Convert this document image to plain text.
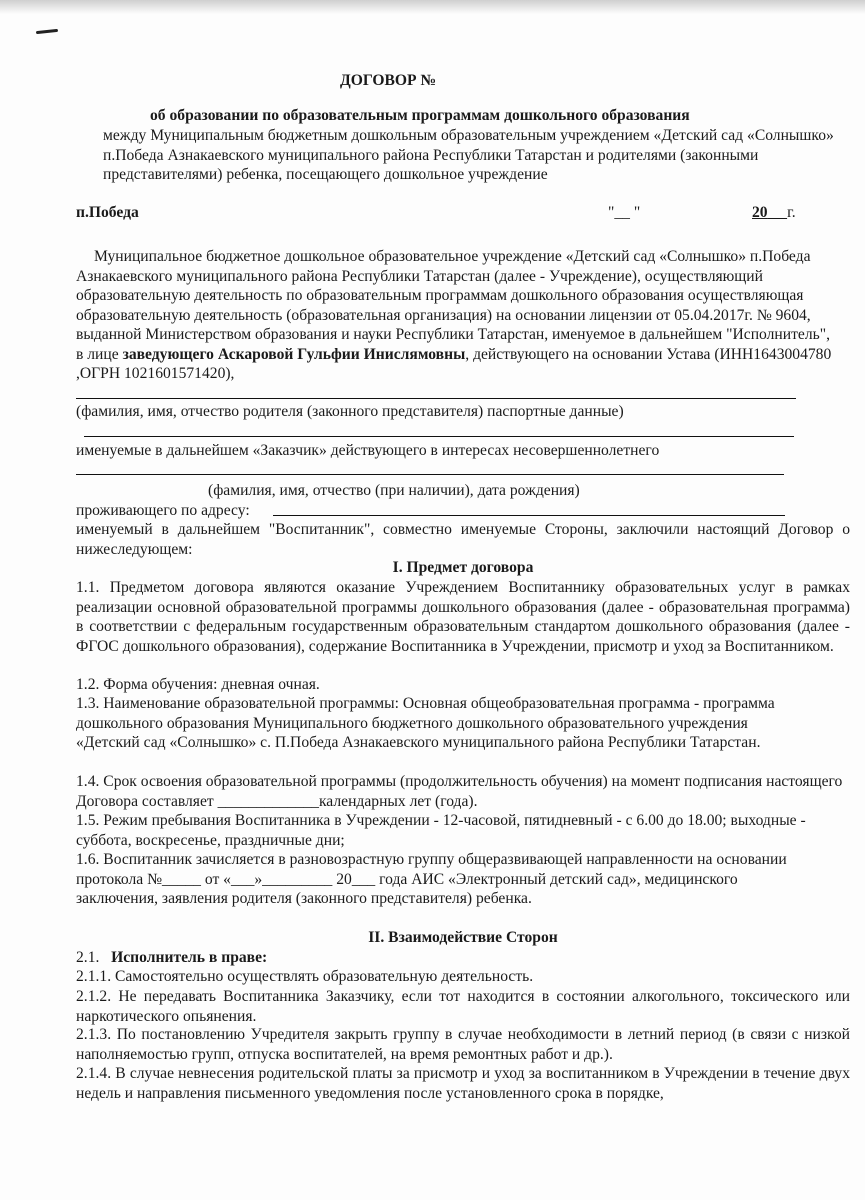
ДОГОВОР №
об образовании по образовательным программам дошкольного образования
между Муниципальным бюджетным дошкольным образовательным учреждением «Детский сад «Солнышко» п.Победа Азнакаевского муниципального района Республики Татарстан и родителями (законными представителями) ребенка, посещающего дошкольное учреждение
п.Победа	"__ "	20 г.
Муниципальное бюджетное дошкольное образовательное учреждение «Детский сад «Солнышко» п.Победа Азнакаевского муниципального района Республики Татарстан (далее - Учреждение), осуществляющий образовательную деятельность по образовательным программам дошкольного образования осуществляющая образовательную деятельность (образовательная организация) на основании лицензии от 05.04.2017г. № 9604, выданной Министерством образования и науки Республики Татарстан, именуемое в дальнейшем "Исполнитель", в лице заведующего Аскаровой Гульфии Инислямовны, действующего на основании Устава (ИНН1643004780 ,ОГРН 1021601571420),
(фамилия, имя, отчество родителя (законного представителя) паспортные данные)
именуемые в дальнейшем «Заказчик» действующего в интересах несовершеннолетнего
(фамилия, имя, отчество (при наличии), дата рождения)
проживающего по адресу:
именуемый в дальнейшем "Воспитанник", совместно именуемые Стороны, заключили настоящий Договор о нижеследующем:
I. Предмет договора
1.1. Предметом договора являются оказание Учреждением Воспитаннику образовательных услуг в рамках реализации основной образовательной программы дошкольного образования (далее - образовательная программа) в соответствии с федеральным государственным образовательным стандартом дошкольного образования (далее - ФГОС дошкольного образования), содержание Воспитанника в Учреждении, присмотр и уход за Воспитанником.
1.2. Форма обучения: дневная очная.
1.3. Наименование образовательной программы: Основная общеобразовательная программа - программа дошкольного образования Муниципального бюджетного дошкольного образовательного учреждения «Детский сад «Солнышко» с. П.Победа Азнакаевского муниципального района Республики Татарстан.
1.4. Срок освоения образовательной программы (продолжительность обучения) на момент подписания настоящего Договора составляет _____________календарных лет (года).
1.5. Режим пребывания Воспитанника в Учреждении - 12-часовой, пятидневный - с 6.00 до 18.00; выходные - суббота, воскресенье, праздничные дни;
1.6. Воспитанник зачисляется в разновозрастную группу общеразвивающей направленности на основании протокола №_____ от «___»_________ 20___ года АИС «Электронный детский сад», медицинского заключения, заявления родителя (законного представителя) ребенка.
II. Взаимодействие Сторон
2.1. Исполнитель в праве:
2.1.1. Самостоятельно осуществлять образовательную деятельность.
2.1.2. Не передавать Воспитанника Заказчику, если тот находится в состоянии алкогольного, токсического или наркотического опьянения.
2.1.3. По постановлению Учредителя закрыть группу в случае необходимости в летний период (в связи с низкой наполняемостью групп, отпуска воспитателей, на время ремонтных работ и др.).
2.1.4. В случае невнесения родительской платы за присмотр и уход за воспитанником в Учреждении в течение двух недель и направления письменного уведомления после установленного срока в порядке,
